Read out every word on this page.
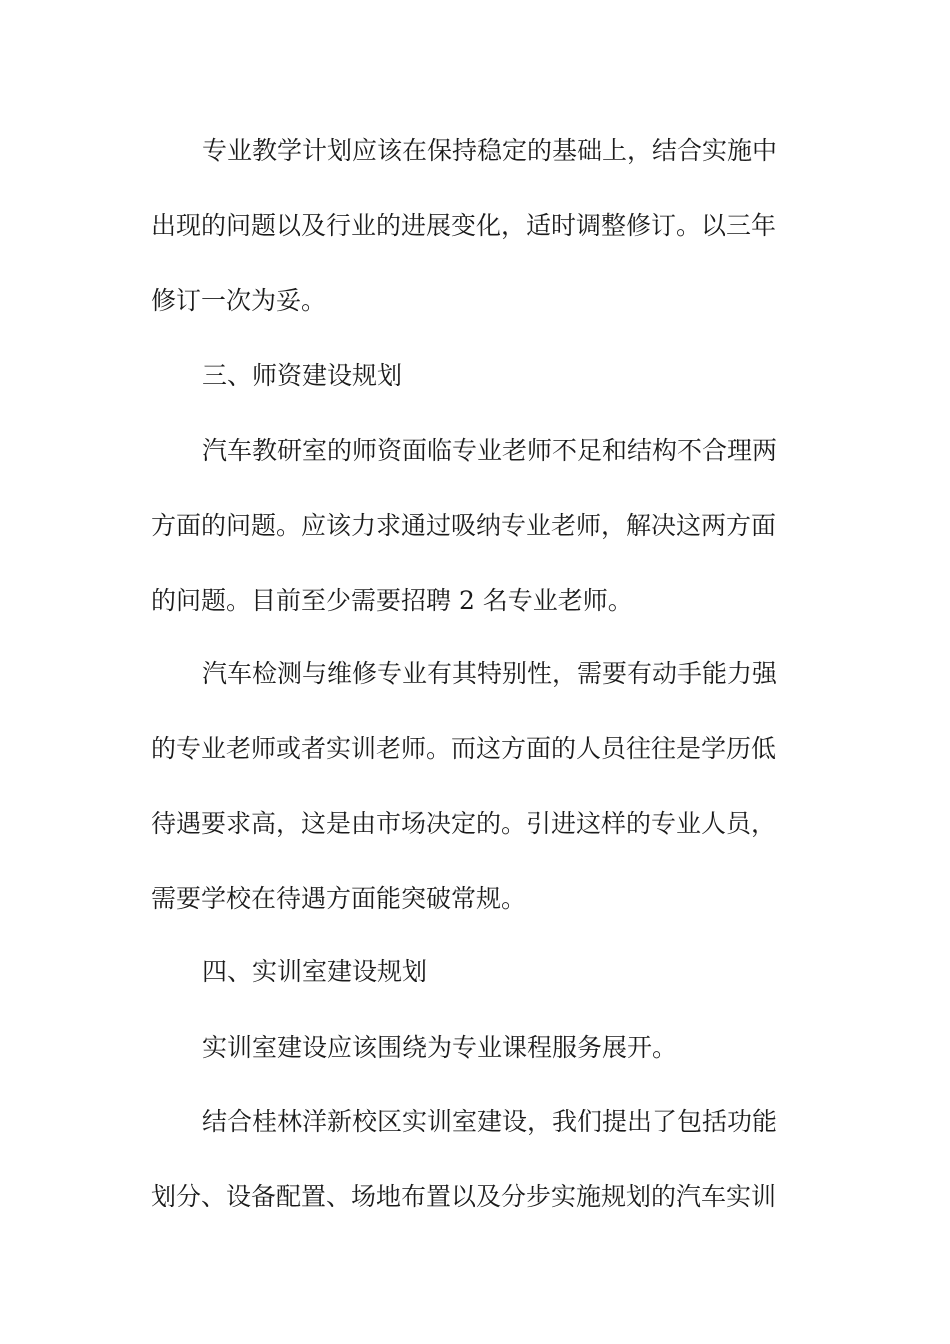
专业教学计划应该在保持稳定的基础上，结合实施中
出现的问题以及行业的进展变化，适时调整修订。以三年
修订一次为妥。
三、师资建设规划
汽车教研室的师资面临专业老师不足和结构不合理两
方面的问题。应该力求通过吸纳专业老师，解决这两方面
的问题。目前至少需要招聘 2 名专业老师。
汽车检测与维修专业有其特别性，需要有动手能力强
的专业老师或者实训老师。而这方面的人员往往是学历低
待遇要求高，这是由市场决定的。引进这样的专业人员，
需要学校在待遇方面能突破常规。
四、实训室建设规划
实训室建设应该围绕为专业课程服务展开。
结合桂林洋新校区实训室建设，我们提出了包括功能
划分、设备配置、场地布置以及分步实施规划的汽车实训
